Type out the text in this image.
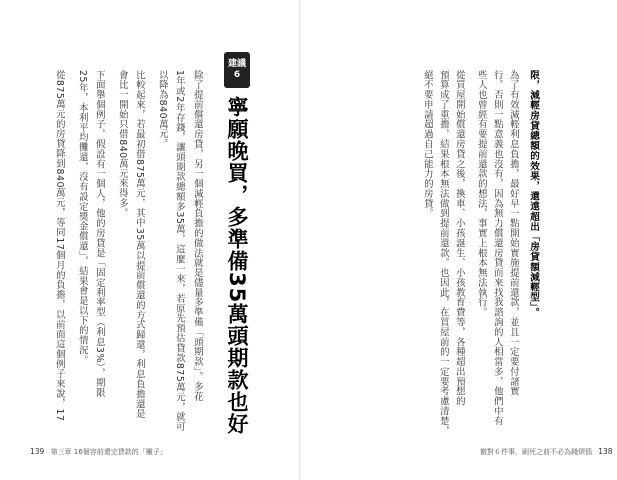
限，減輕房貸總額的效果，還遠超出「房貸額減輕型」。
為了有效減輕利息負擔，最好早一點開始實施提前還款，並且一定要付諸實
行。否則一點意義也沒有，因為無力償還房貸而來找我諮詢的人相當多，他們中有
些人也曾經有要提前還款的想法，事實上根本無法執行。
從買屋開始償還房貸之後，換車、小孩誕生、小孩教育費等，各種超出預想的
預算成了重擔，結果根本無法做到提前還款。也因此，在買屋前的一定要考慮清楚，
絕不要申請超過自己能力的房貸。
撤對６件事，刷死之前不必為錢煩惱 138
建議
6
寧願晚買，多準備35萬頭期款也好
除了提前償還房貸，另一個減輕負擔的做法就是儘量多準備「頭期款」。多花
1年或2年存錢，讓頭期款總額多35萬，這麼一來，若原先預估貸款875萬元，就可
以降為840萬元。
比較起來，若最初借875萬元，其中35萬以提前償還的方式歸還，利息負擔還是
會比一開始只借840萬元來得多。
下面舉個例子，假設有一個人，他的房貸是「固定利率型（利息3%），期限
25年，本利平均攤還，沒有設定獎金償還」，結果會是以下的情況。
從875萬元的房貸降到840萬元，等同17個月的負擔，以前面這個例子來說，17
139 第三章 16個容前還完貸款的「撇子」
